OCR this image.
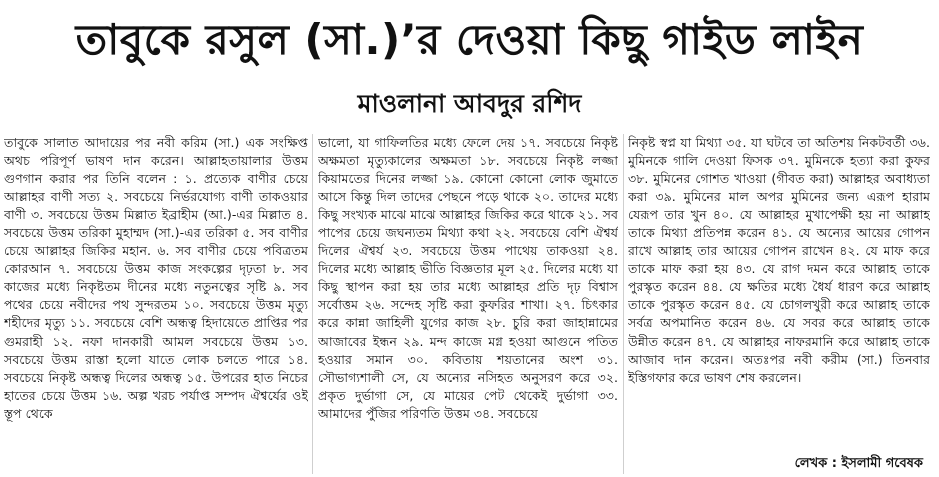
তাবুকে রসুল (সা.)’র দেওয়া কিছু গাইড লাইন
মাওলানা আবদুর রশিদ

তাবুকে সালাত আদায়ের পর নবী করিম (সা.) এক সংক্ষিপ্ত অথচ পরিপূর্ণ ভাষণ দান করেন। আল্লাহতায়ালার উত্তম গুণগান করার পর তিনি বলেন : ১. প্রত্যেক বাণীর চেয়ে আল্লাহর বাণী সত্য ২. সবচেয়ে নির্ভরযোগ্য বাণী তাকওয়ার বাণী ৩. সবচেয়ে উত্তম মিল্লাত ইব্রাহীম (আ.)-এর মিল্লাত ৪. সবচেয়ে উত্তম তরিকা মুহাম্মদ (সা.)-এর তরিকা ৫. সব বাণীর চেয়ে আল্লাহর জিকির মহান. ৬. সব বাণীর চেয়ে পবিত্রতম কোরআন ৭. সবচেয়ে উত্তম কাজ সংকল্পের দৃঢ়তা ৮. সব কাজের মধ্যে নিকৃষ্টতম দীনের মধ্যে নতুনত্বের সৃষ্টি ৯. সব পথের চেয়ে নবীদের পথ সুন্দরতম ১০. সবচেয়ে উত্তম মৃত্যু শহীদের মৃত্যু ১১. সবচেয়ে বেশি অন্ধত্ব হিদায়েতে প্রাপ্তির পর গুমরাহী ১২. নফা দানকারী আমল সবচেয়ে উত্তম ১৩. সবচেয়ে উত্তম রাস্তা হলো যাতে লোক চলতে পারে ১৪. সবচেয়ে নিকৃষ্ট অন্ধত্ব দিলের অন্ধত্ব ১৫. উপরের হাত নিচের হাতের চেয়ে উত্তম ১৬. অল্প খরচ পর্যাপ্ত সম্পদ ঐশ্বর্যের ওই স্তূপ থেকে

ভালো, যা গাফিলতির মধ্যে ফেলে দেয় ১৭. সবচেয়ে নিকৃষ্ট অক্ষমতা মৃত্যুকালের অক্ষমতা ১৮. সবচেয়ে নিকৃষ্ট লজ্জা কিয়ামতের দিনের লজ্জা ১৯. কোনো কোনো লোক জুমাতে আসে কিন্তু দিল তাদের পেছনে পড়ে থাকে ২০. তাদের মধ্যে কিছু সংখ্যক মাঝে মাঝে আল্লাহর জিকির করে থাকে ২১. সব পাপের চেয়ে জঘন্যতম মিথ্যা কথা ২২. সবচেয়ে বেশি ঐশ্বর্য দিলের ঐশ্বর্য ২৩. সবচেয়ে উত্তম পাথেয় তাকওয়া ২৪. দিলের মধ্যে আল্লাহ ভীতি বিজ্ঞতার মূল ২৫. দিলের মধ্যে যা কিছু স্থাপন করা হয় তার মধ্যে আল্লাহর প্রতি দৃঢ় বিশ্বাস সর্বোত্তম ২৬. সন্দেহ সৃষ্টি করা কুফরির শাখা। ২৭. চিৎকার করে কান্না জাহিলী যুগের কাজ ২৮. চুরি করা জাহান্নামের আজাবের ইন্ধন ২৯. মন্দ কাজে মগ্ন হওয়া আগুনে পতিত হওয়ার সমান ৩০. কবিতায় শয়তানের অংশ ৩১. সৌভাগ্যশালী সে, যে অন্যের নসিহত অনুসরণ করে ৩২. প্রকৃত দুর্ভাগা সে, যে মায়ের পেট থেকেই দুর্ভাগা ৩৩. আমাদের পুঁজির পরিণতি উত্তম ৩৪. সবচেয়ে

নিকৃষ্ট স্বপ্ন যা মিথ্যা ৩৫. যা ঘটবে তা অতিশয় নিকটবর্তী ৩৬. মুমিনকে গালি দেওয়া ফিসক ৩৭. মুমিনকে হত্যা করা কুফর ৩৮. মুমিনের গোশত খাওয়া (গীবত করা) আল্লাহর অবাধ্যতা করা ৩৯. মুমিনের মাল অপর মুমিনের জন্য এরূপ হারাম যেরূপ তার খুন ৪০. যে আল্লাহর মুখাপেক্ষী হয় না আল্লাহ তাকে মিথ্যা প্রতিপন্ন করেন ৪১. যে অন্যের আয়ের গোপন রাখে আল্লাহ তার আয়ের গোপন রাখেন ৪২. যে মাফ করে তাকে মাফ করা হয় ৪৩. যে রাগ দমন করে আল্লাহ তাকে পুরস্কৃত করেন ৪৪. যে ক্ষতির মধ্যে ধৈর্য ধারণ করে আল্লাহ তাকে পুরস্কৃত করেন ৪৫. যে চোগলখুরী করে আল্লাহ তাকে সর্বত্র অপমানিত করেন ৪৬. যে সবর করে আল্লাহ তাকে উন্নীত করেন ৪৭. যে আল্লাহর নাফরমানি করে আল্লাহ তাকে আজাব দান করেন। অতঃপর নবী করীম (সা.) তিনবার ইস্তিগফার করে ভাষণ শেষ করলেন।

লেখক : ইসলামী গবেষক
